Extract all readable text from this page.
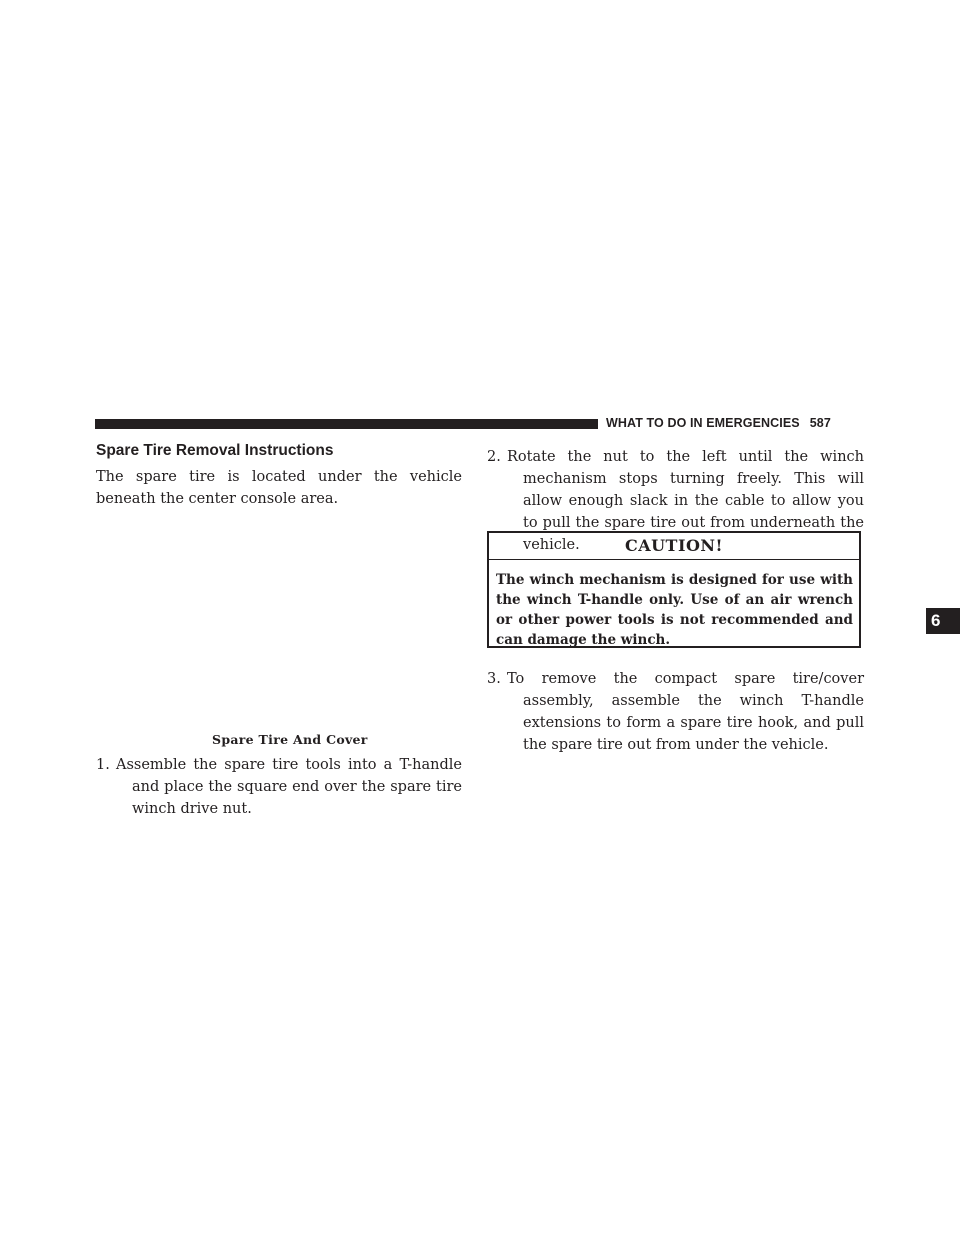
WHAT TO DO IN EMERGENCIES 587
6
Spare Tire Removal Instructions
The spare tire is located under the vehicle beneath the center console area.
Spare Tire And Cover
1. Assemble the spare tire tools into a T-handle and place the square end over the spare tire winch drive nut.
2. Rotate the nut to the left until the winch mechanism stops turning freely. This will allow enough slack in the cable to allow you to pull the spare tire out from underneath the vehicle.	CAUTION!
The winch mechanism is designed for use with the winch T-handle only. Use of an air wrench or other power tools is not recommended and can damage the winch.
3. To remove the compact spare tire/cover assembly, assemble the winch T-handle extensions to form a spare tire hook, and pull the spare tire out from under the vehicle.
